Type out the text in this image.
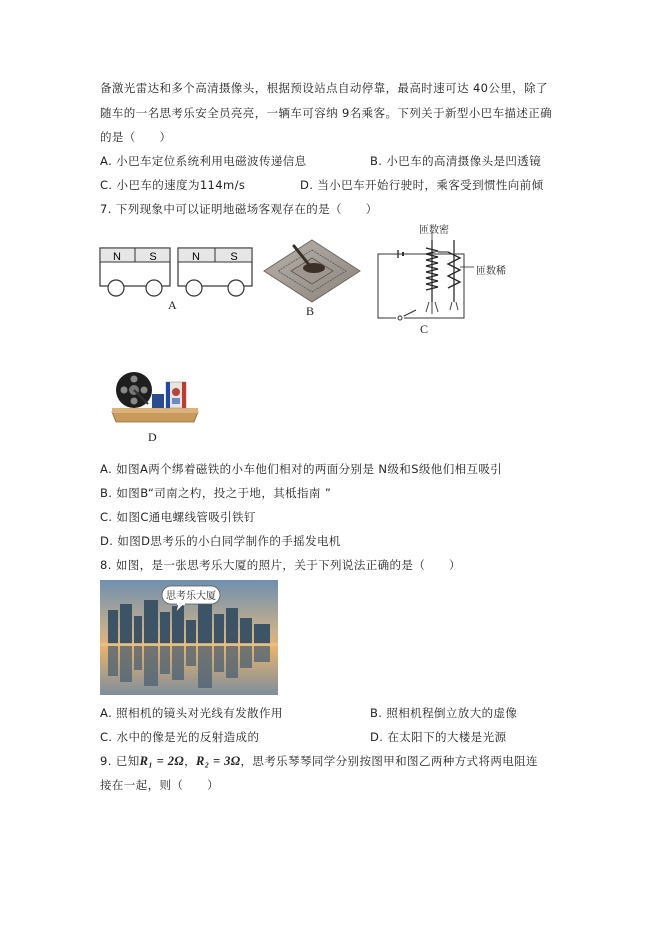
备激光雷达和多个高清摄像头，根据预设站点自动停靠，最高时速可达 40公里，除了
随车的一名思考乐安全员亮亮，一辆车可容纳 9名乘客。下列关于新型小巴车描述正确
的是（　　）
A. 小巴车定位系统利用电磁波传递信息	B. 小巴车的高清摄像头是凹透镜
C. 小巴车的速度为114m/s	D. 当小巴车开始行驶时，乘客受到惯性向前倾
7. 下列现象中可以证明地磁场客观存在的是（　　）
N	S	N	S
A	B
匝数密
匝数稀
C
D
A. 如图A两个绑着磁铁的小车他们相对的两面分别是 N级和S级他们相互吸引
B. 如图B“司南之杓，投之于地，其柢指南 ”
C. 如图C通电螺线管吸引铁钉
D. 如图D思考乐的小白同学制作的手摇发电机
8. 如图，是一张思考乐大厦的照片，关于下列说法正确的是（　　）
思考乐大厦
A. 照相机的镜头对光线有发散作用	B. 照相机程倒立放大的虚像
C. 水中的像是光的反射造成的	D. 在太阳下的大楼是光源
9. 已知R₁ = 2Ω，R₂ = 3Ω，思考乐琴琴同学分别按图甲和图乙两种方式将两电阻连
接在一起，则（　　）
